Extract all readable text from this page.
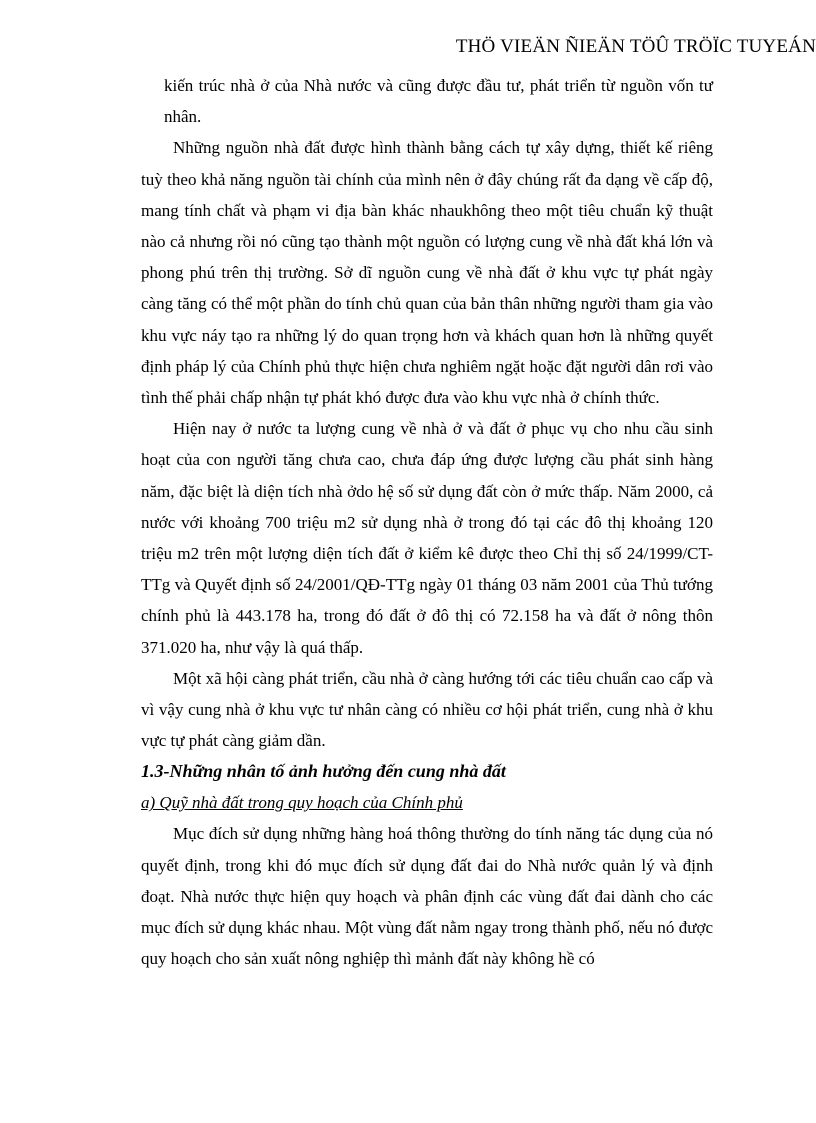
THÖ VIEÄN ÑIEÄN TÖÛ TRÖÏC TUYEÁN

kiến trúc nhà ở của Nhà nước và cũng được đầu tư, phát triển từ nguồn vốn tư nhân.

Những nguồn nhà đất được hình thành bằng cách tự xây dựng, thiết kế riêng tuỳ theo khả năng nguồn tài chính của mình nên ở đây chúng rất đa dạng về cấp độ, mang tính chất và phạm vi địa bàn khác nhaukhông theo một tiêu chuẩn kỹ thuật nào cả nhưng rồi nó cũng tạo thành một nguồn có lượng cung về nhà đất khá lớn và phong phú trên thị trường. Sở dĩ nguồn cung về nhà đất ở khu vực tự phát ngày càng tăng có thể một phần do tính chủ quan của bản thân những người tham gia vào khu vực náy tạo ra những lý do quan trọng hơn và khách quan hơn là những quyết định pháp lý của Chính phủ thực hiện chưa nghiêm ngặt hoặc đặt người dân rơi vào tình thế phải chấp nhận tự phát khó được đưa vào khu vực nhà ở chính thức.

Hiện nay ở nước ta lượng cung về nhà ở và đất ở phục vụ cho nhu cầu sinh hoạt của con người tăng chưa cao, chưa đáp ứng được lượng cầu phát sinh hàng năm, đặc biệt là diện tích nhà ởdo hệ số sử dụng đất còn ở mức thấp. Năm 2000, cả nước với khoảng 700 triệu m2 sử dụng nhà ở trong đó tại các đô thị khoảng 120 triệu m2 trên một lượng diện tích đất ở kiểm kê được theo Chỉ thị số 24/1999/CT-TTg và Quyết định số 24/2001/QĐ-TTg ngày 01 tháng 03 năm 2001 của Thủ tướng chính phủ là 443.178 ha, trong đó đất ở đô thị có 72.158 ha và đất ở nông thôn 371.020 ha, như vậy là quá thấp.

Một xã hội càng phát triển, cầu nhà ở càng hướng tới các tiêu chuẩn cao cấp và vì vậy cung nhà ở khu vực tư nhân càng có nhiều cơ hội phát triển, cung nhà ở khu vực tự phát càng giảm dần.

1.3-Những nhân tố ảnh hưởng đến cung nhà đất

a) Quỹ nhà đất trong quy hoạch của Chính phủ

Mục đích sử dụng những hàng hoá thông thường do tính năng tác dụng của nó quyết định, trong khi đó mục đích sử dụng đất đai do Nhà nước quản lý và định đoạt. Nhà nước thực hiện quy hoạch và phân định các vùng đất đai dành cho các mục đích sử dụng khác nhau. Một vùng đất nằm ngay trong thành phố, nếu nó được quy hoạch cho sản xuất nông nghiệp thì mảnh đất này không hề có
